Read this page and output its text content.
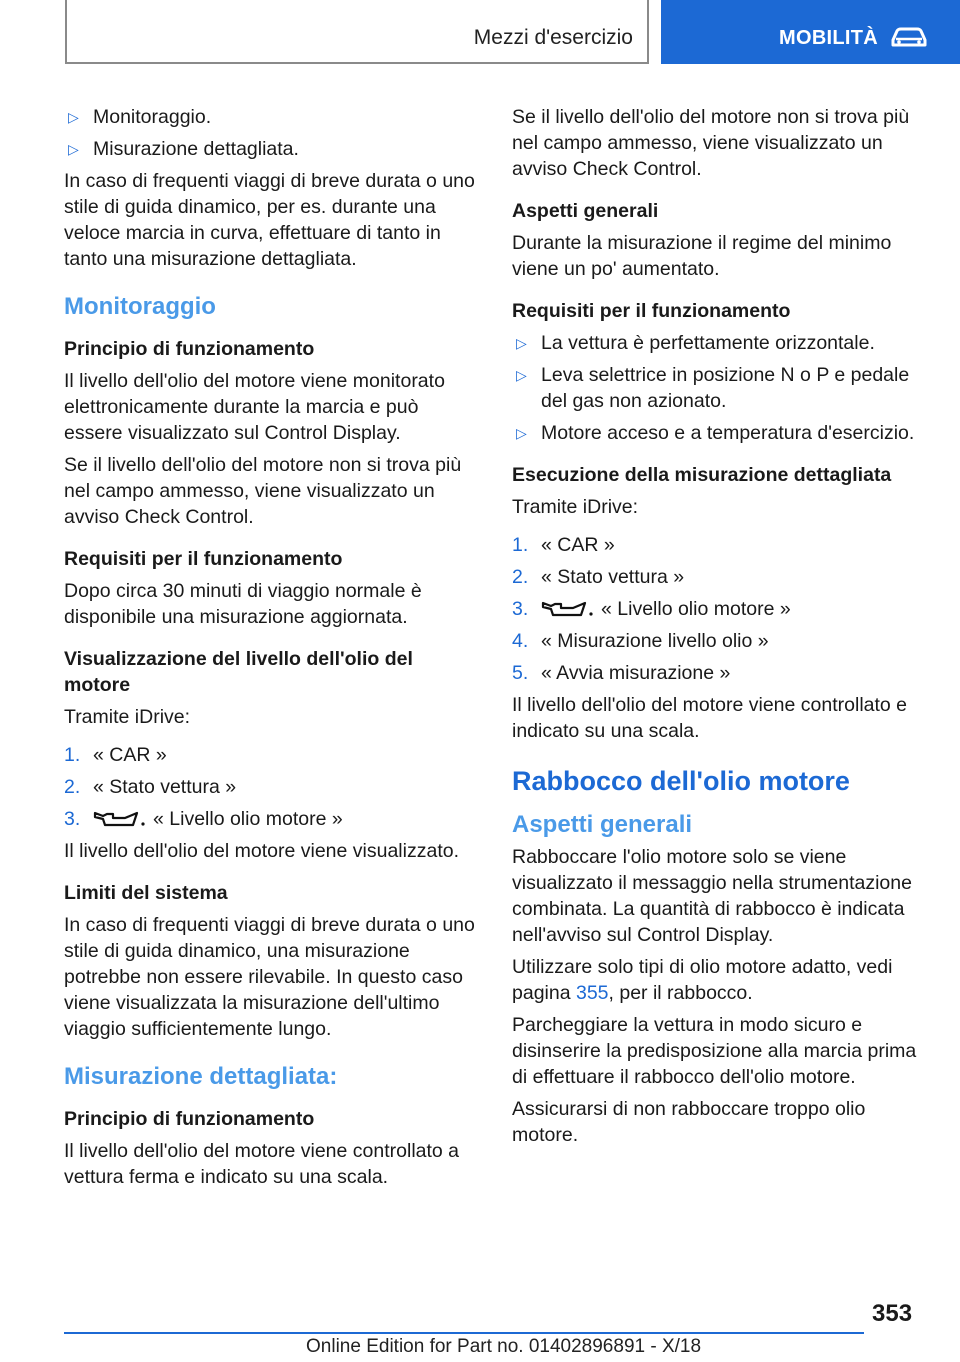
Mezzi d'esercizio	MOBILITÀ
▷ Monitoraggio.
▷ Misurazione dettagliata.

In caso di frequenti viaggi di breve durata o uno stile di guida dinamico, per es. durante una veloce marcia in curva, effettuare di tanto in tanto una misurazione dettagliata.

Monitoraggio
Principio di funzionamento

Il livello dell'olio del motore viene monitorato elettronicamente durante la marcia e può essere visualizzato sul Control Display.

Se il livello dell'olio del motore non si trova più nel campo ammesso, viene visualizzato un avviso Check Control.

Requisiti per il funzionamento

Dopo circa 30 minuti di viaggio normale è disponibile una misurazione aggiornata.

Visualizzazione del livello dell'olio del motore

Tramite iDrive:

1. « CAR »
2. « Stato vettura »
3.	« Livello olio motore »

Il livello dell'olio del motore viene visualizzato.

Limiti del sistema

In caso di frequenti viaggi di breve durata o uno stile di guida dinamico, una misurazione potrebbe non essere rilevabile. In questo caso viene visualizzata la misurazione dell'ultimo viaggio sufficientemente lungo.

Misurazione dettagliata:
Principio di funzionamento

Il livello dell'olio del motore viene controllato a vettura ferma e indicato su una scala.

Se il livello dell'olio del motore non si trova più nel campo ammesso, viene visualizzato un avviso Check Control.

Aspetti generali

Durante la misurazione il regime del minimo viene un po' aumentato.

Requisiti per il funzionamento
▷ La vettura è perfettamente orizzontale.
▷ Leva selettrice in posizione N o P e pedale del gas non azionato.
▷ Motore acceso e a temperatura d'esercizio.
Esecuzione della misurazione dettagliata

Tramite iDrive:

1. « CAR »
2. « Stato vettura »
3.	« Livello olio motore »
4. « Misurazione livello olio »
5. « Avvia misurazione »

Il livello dell'olio del motore viene controllato e indicato su una scala.

Rabbocco dell'olio motore
Aspetti generali

Rabboccare l'olio motore solo se viene visualizzato il messaggio nella strumentazione combinata. La quantità di rabbocco è indicata nell'avviso sul Control Display.

Utilizzare solo tipi di olio motore adatto, vedi pagina 355, per il rabbocco.

Parcheggiare la vettura in modo sicuro e disinserire la predisposizione alla marcia prima di effettuare il rabbocco dell'olio motore.

Assicurarsi di non rabboccare troppo olio motore.

353
Online Edition for Part no. 01402896891 - X/18
